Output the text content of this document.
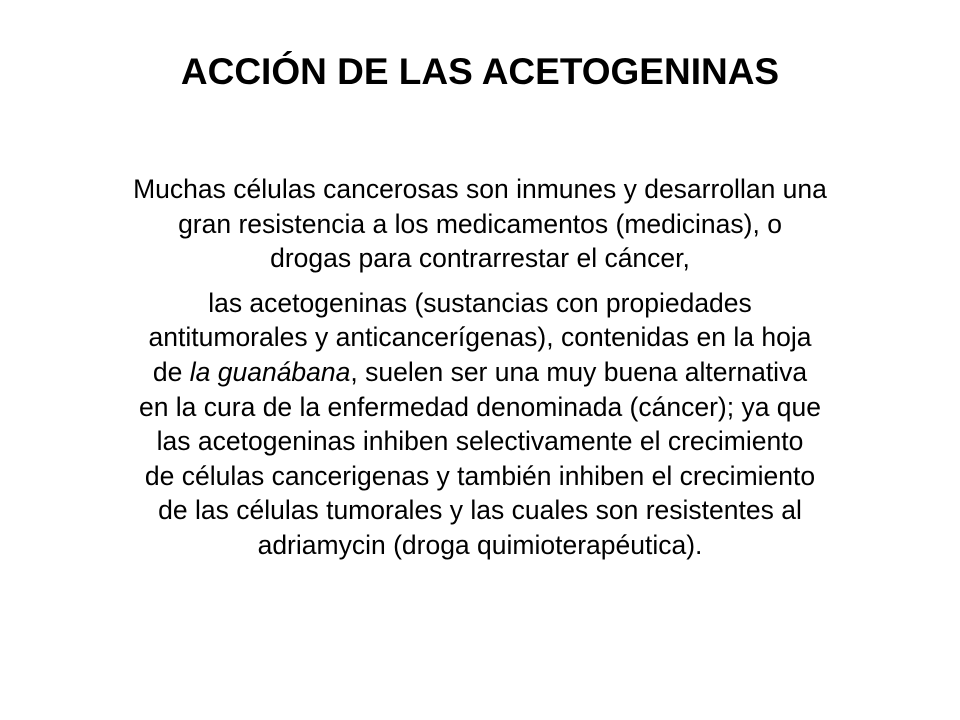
ACCIÓN DE LAS ACETOGENINAS

Muchas células cancerosas son inmunes y desarrollan una
gran resistencia a los medicamentos (medicinas), o
drogas para contrarrestar el cáncer,

las acetogeninas (sustancias con propiedades
antitumorales y anticancerígenas), contenidas en la hoja
de la guanábana, suelen ser una muy buena alternativa
en la cura de la enfermedad denominada (cáncer); ya que
las acetogeninas inhiben selectivamente el crecimiento
de células cancerigenas y también inhiben el crecimiento
de las células tumorales y las cuales son resistentes al
adriamycin (droga quimioterapéutica).
